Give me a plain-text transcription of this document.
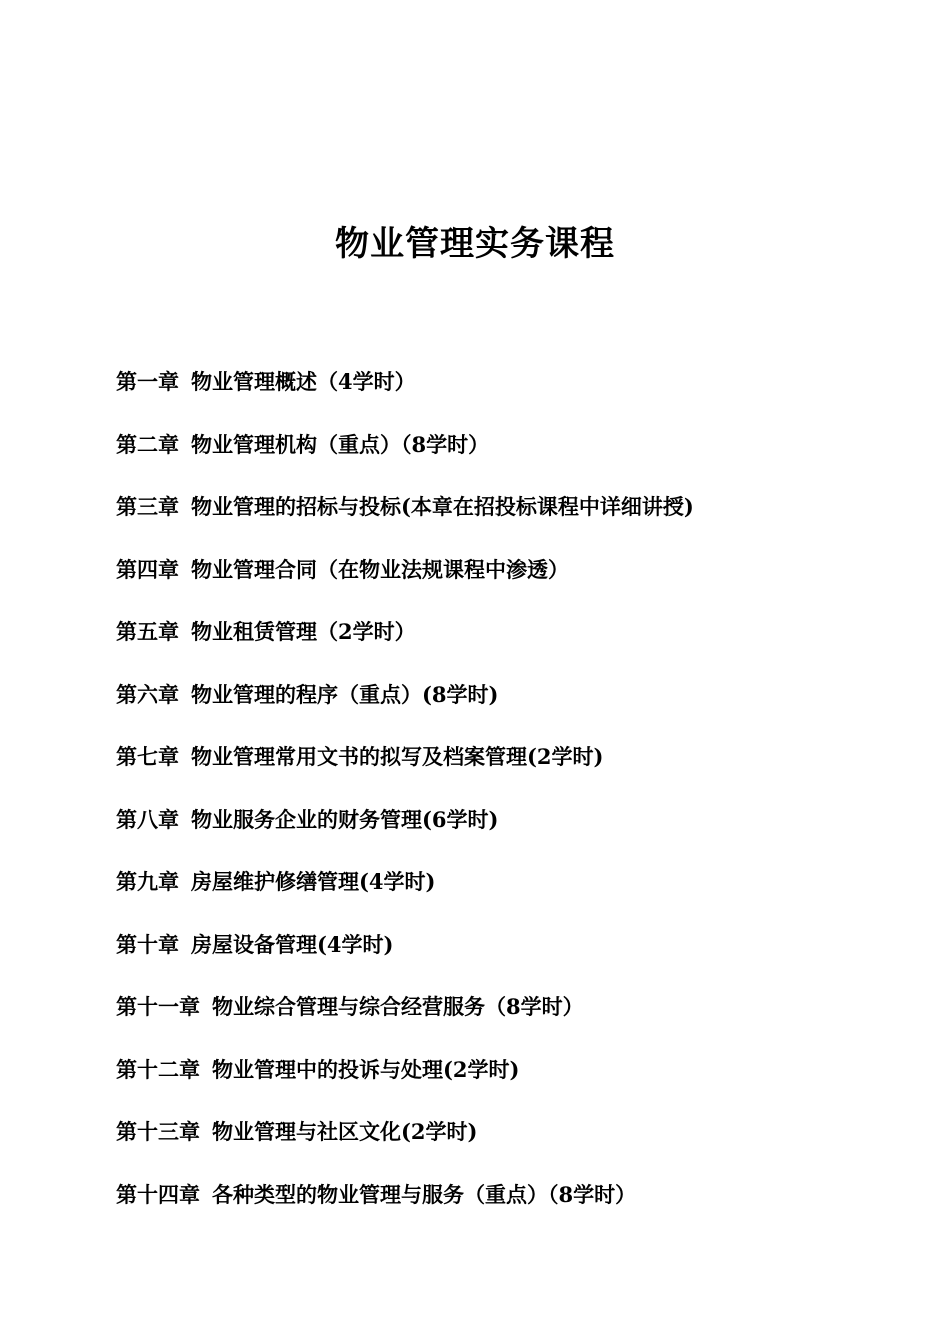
物业管理实务课程
第一章 物业管理概述（4学时）
第二章 物业管理机构（重点）（8学时）
第三章 物业管理的招标与投标(本章在招投标课程中详细讲授)
第四章 物业管理合同（在物业法规课程中渗透）
第五章 物业租赁管理（2学时）
第六章 物业管理的程序（重点）(8学时)
第七章 物业管理常用文书的拟写及档案管理(2学时)
第八章 物业服务企业的财务管理(6学时)
第九章 房屋维护修缮管理(4学时)
第十章 房屋设备管理(4学时)
第十一章 物业综合管理与综合经营服务（8学时）
第十二章 物业管理中的投诉与处理(2学时)
第十三章 物业管理与社区文化(2学时)
第十四章 各种类型的物业管理与服务（重点）（8学时）
